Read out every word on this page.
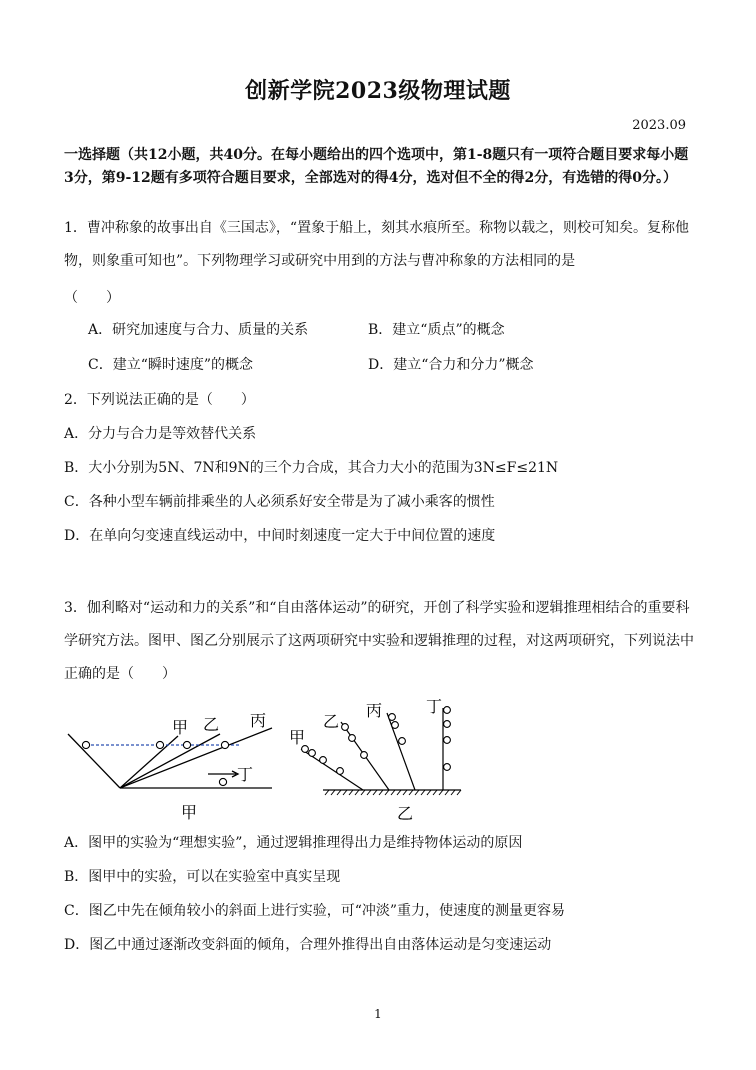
创新学院2023级物理试题
2023.09
一选择题（共12小题，共40分。在每小题给出的四个选项中，第1-8题只有一项符合题目要求每小题3分，第9-12题有多项符合题目要求，全部选对的得4分，选对但不全的得2分，有选错的得0分。）
1．曹冲称象的故事出自《三国志》，“置象于船上，刻其水痕所至。称物以载之，则校可知矣。复称他物，则象重可知也”。下列物理学习或研究中用到的方法与曹冲称象的方法相同的是
（　　）
A．研究加速度与合力、质量的关系	B．建立“质点”的概念
C．建立“瞬时速度”的概念	D．建立“合力和分力”概念
2．下列说法正确的是（　　）
A．分力与合力是等效替代关系
B．大小分别为5N、7N和9N的三个力合成，其合力大小的范围为3N≤F≤21N
C．各种小型车辆前排乘坐的人必须系好安全带是为了减小乘客的惯性
D．在单向匀变速直线运动中，中间时刻速度一定大于中间位置的速度
3．伽利略对“运动和力的关系”和“自由落体运动”的研究，开创了科学实验和逻辑推理相结合的重要科学研究方法。图甲、图乙分别展示了这两项研究中实验和逻辑推理的过程，对这两项研究，下列说法中正确的是（　　）
甲 乙 丙
丁
甲
甲
乙
丙	丁
乙
A．图甲的实验为“理想实验”，通过逻辑推理得出力是维持物体运动的原因
B．图甲中的实验，可以在实验室中真实呈现
C．图乙中先在倾角较小的斜面上进行实验，可“冲淡”重力，使速度的测量更容易
D．图乙中通过逐渐改变斜面的倾角，合理外推得出自由落体运动是匀变速运动
1
